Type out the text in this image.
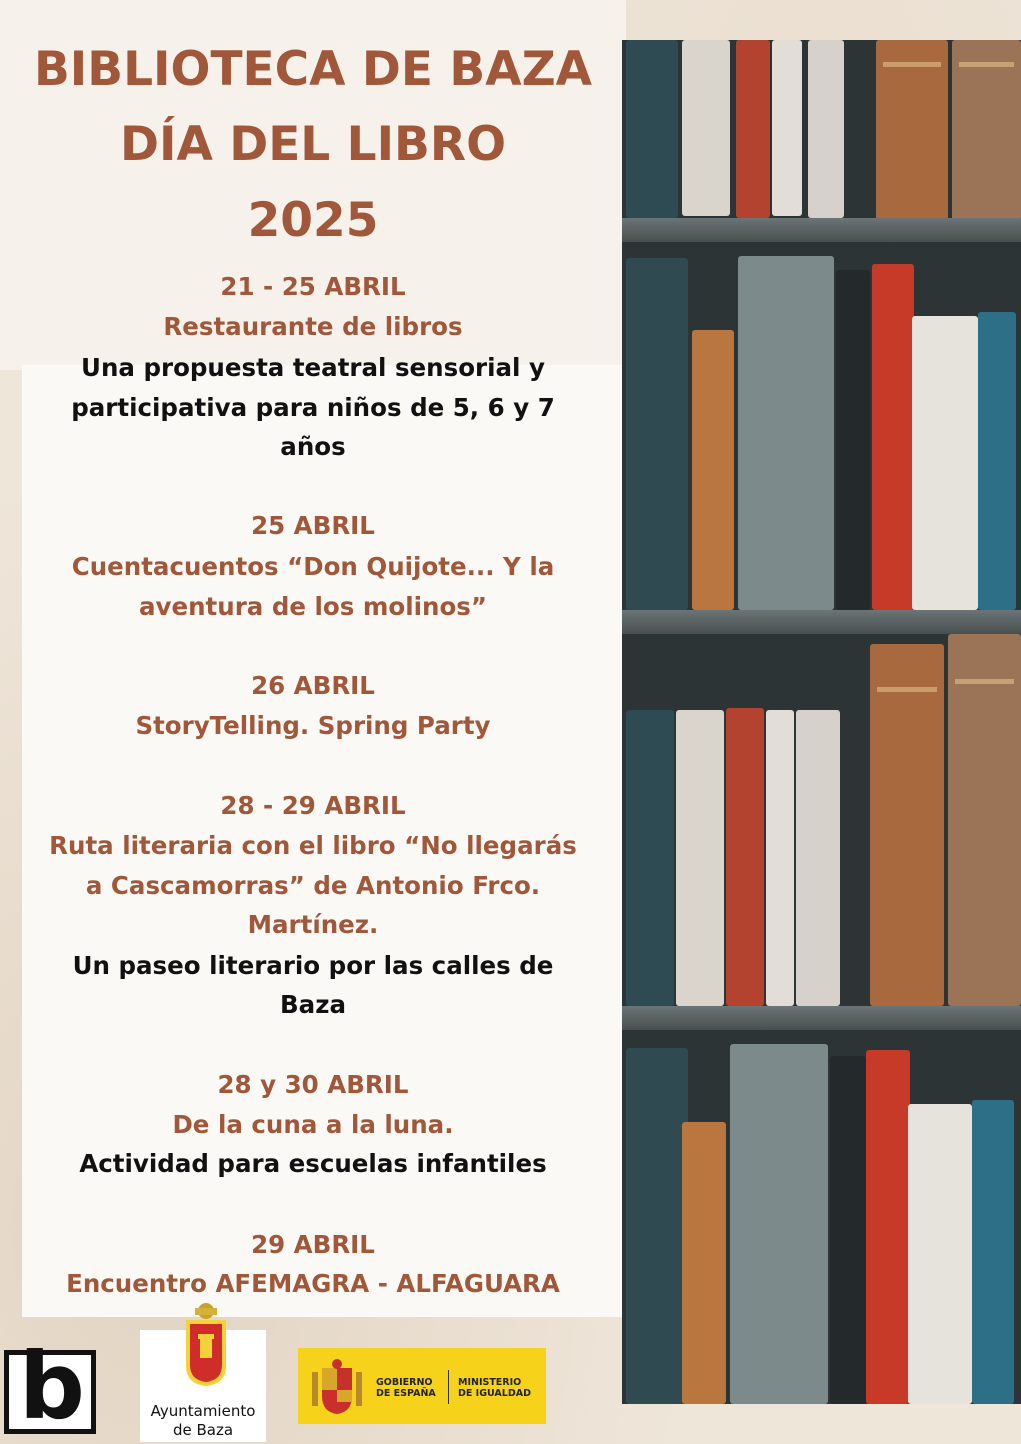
BIBLIOTECA DE BAZA
DÍA DEL LIBRO
2025
21 - 25 ABRIL
Restaurante de libros
Una propuesta teatral sensorial y
participativa para niños de 5, 6 y 7
años
25 ABRIL
Cuentacuentos “Don Quijote... Y la
aventura de los molinos”
26 ABRIL
StoryTelling. Spring Party
28 - 29 ABRIL
Ruta literaria con el libro “No llegarás
a Cascamorras” de Antonio Frco.
Martínez.
Un paseo literario por las calles de
Baza
28 y 30 ABRIL
De la cuna a la luna.
Actividad para escuelas infantiles
29 ABRIL
Encuentro AFEMAGRA - ALFAGUARA
b	Ayuntamiento
de Baza
GOBIERNO
DE ESPAÑA
MINISTERIO
DE IGUALDAD
